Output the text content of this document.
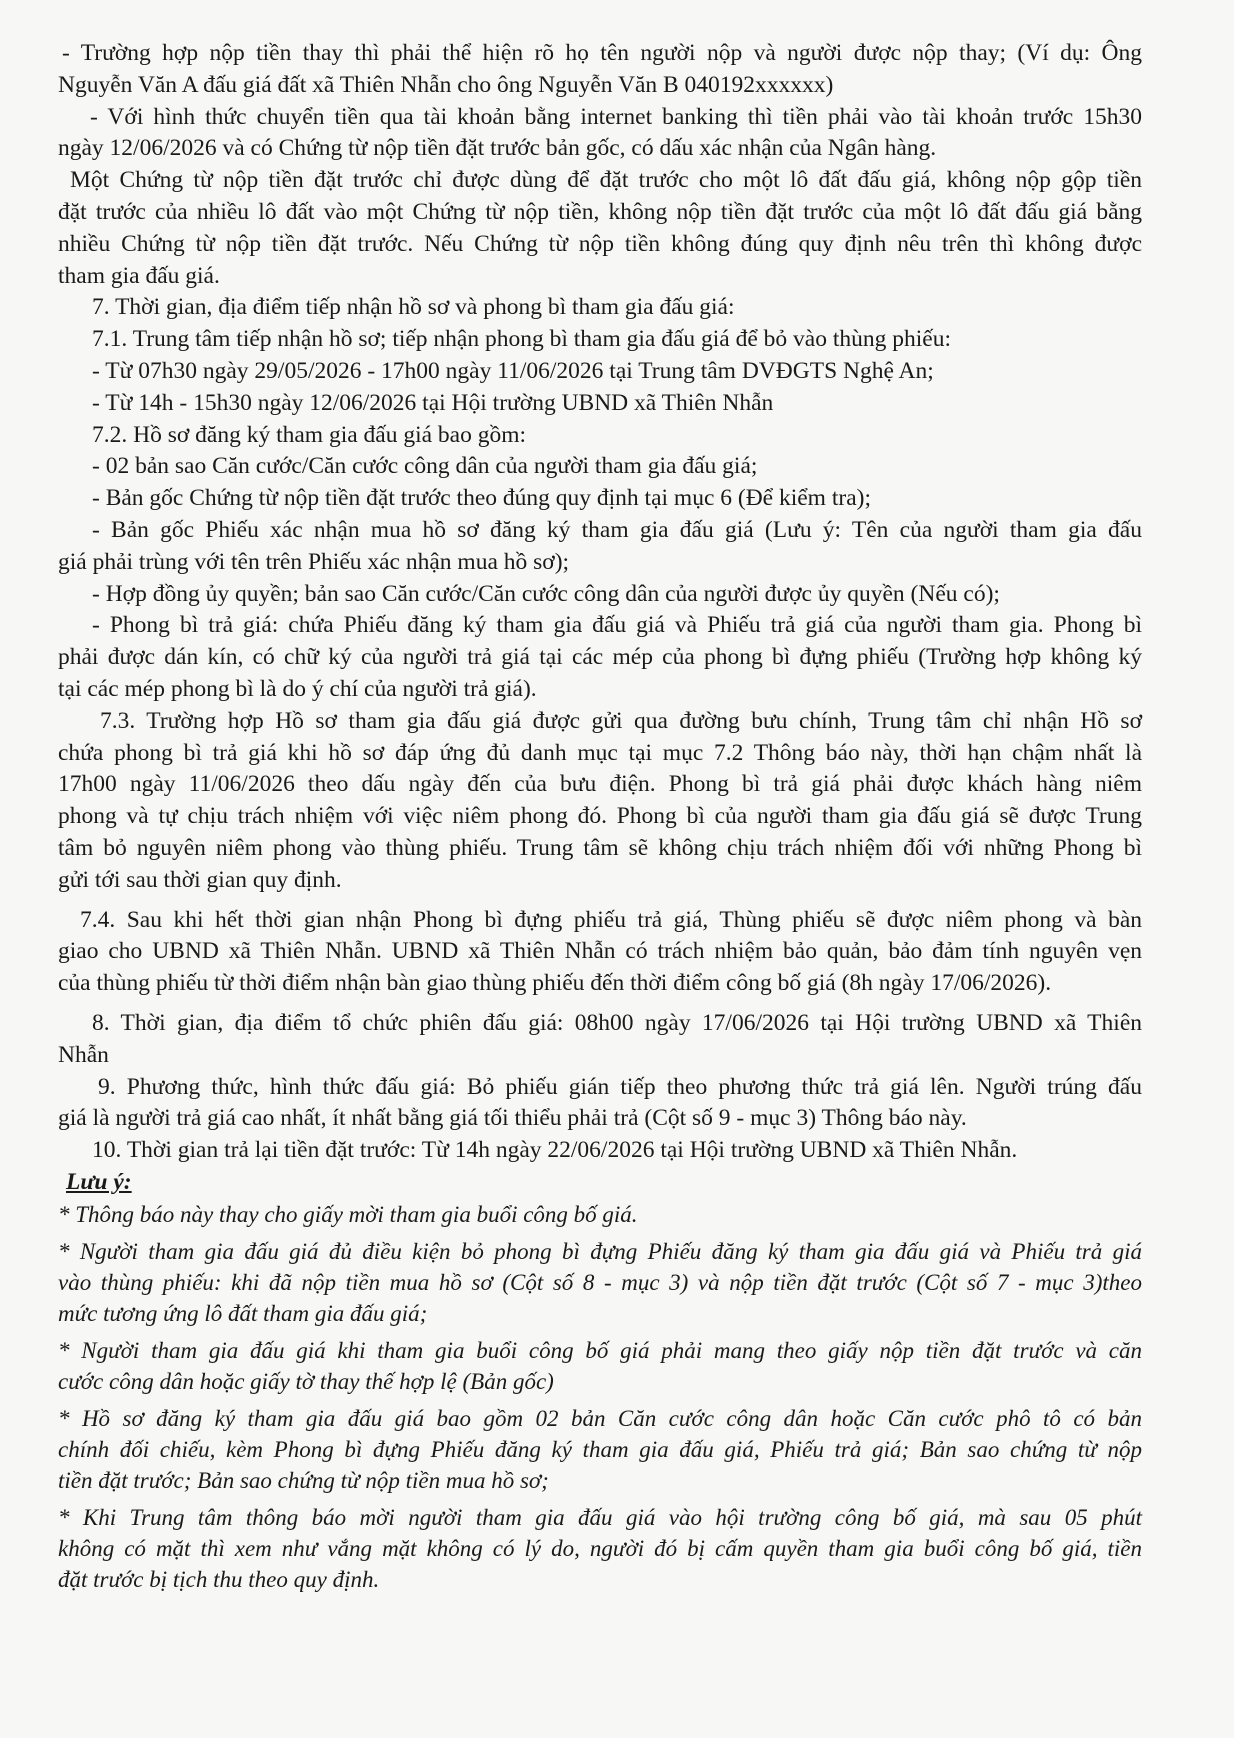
- Trường hợp nộp tiền thay thì phải thể hiện rõ họ tên người nộp và người được nộp thay; (Ví dụ: Ông
Nguyễn Văn A đấu giá đất xã Thiên Nhẫn cho ông Nguyễn Văn B 040192xxxxxx)
- Với hình thức chuyển tiền qua tài khoản bằng internet banking thì tiền phải vào tài khoản trước 15h30
ngày 12/06/2026 và có Chứng từ nộp tiền đặt trước bản gốc, có dấu xác nhận của Ngân hàng.
Một Chứng từ nộp tiền đặt trước chỉ được dùng để đặt trước cho một lô đất đấu giá, không nộp gộp tiền
đặt trước của nhiều lô đất vào một Chứng từ nộp tiền, không nộp tiền đặt trước của một lô đất đấu giá bằng
nhiều Chứng từ nộp tiền đặt trước. Nếu Chứng từ nộp tiền không đúng quy định nêu trên thì không được
tham gia đấu giá.
7. Thời gian, địa điểm tiếp nhận hồ sơ và phong bì tham gia đấu giá:
7.1. Trung tâm tiếp nhận hồ sơ; tiếp nhận phong bì tham gia đấu giá để bỏ vào thùng phiếu:
- Từ 07h30 ngày 29/05/2026 - 17h00 ngày 11/06/2026 tại Trung tâm DVĐGTS Nghệ An;
- Từ 14h - 15h30 ngày 12/06/2026 tại Hội trường UBND xã Thiên Nhẫn
7.2. Hồ sơ đăng ký tham gia đấu giá bao gồm:
- 02 bản sao Căn cước/Căn cước công dân của người tham gia đấu giá;
- Bản gốc Chứng từ nộp tiền đặt trước theo đúng quy định tại mục 6 (Để kiểm tra);
- Bản gốc Phiếu xác nhận mua hồ sơ đăng ký tham gia đấu giá (Lưu ý: Tên của người tham gia đấu
giá phải trùng với tên trên Phiếu xác nhận mua hồ sơ);
- Hợp đồng ủy quyền; bản sao Căn cước/Căn cước công dân của người được ủy quyền (Nếu có);
- Phong bì trả giá: chứa Phiếu đăng ký tham gia đấu giá và Phiếu trả giá của người tham gia. Phong bì
phải được dán kín, có chữ ký của người trả giá tại các mép của phong bì đựng phiếu (Trường hợp không ký
tại các mép phong bì là do ý chí của người trả giá).
7.3. Trường hợp Hồ sơ tham gia đấu giá được gửi qua đường bưu chính, Trung tâm chỉ nhận Hồ sơ
chứa phong bì trả giá khi hồ sơ đáp ứng đủ danh mục tại mục 7.2 Thông báo này, thời hạn chậm nhất là
17h00 ngày 11/06/2026 theo dấu ngày đến của bưu điện. Phong bì trả giá phải được khách hàng niêm
phong và tự chịu trách nhiệm với việc niêm phong đó. Phong bì của người tham gia đấu giá sẽ được Trung
tâm bỏ nguyên niêm phong vào thùng phiếu. Trung tâm sẽ không chịu trách nhiệm đối với những Phong bì
gửi tới sau thời gian quy định.
7.4. Sau khi hết thời gian nhận Phong bì đựng phiếu trả giá, Thùng phiếu sẽ được niêm phong và bàn
giao cho UBND xã Thiên Nhẫn. UBND xã Thiên Nhẫn có trách nhiệm bảo quản, bảo đảm tính nguyên vẹn
của thùng phiếu từ thời điểm nhận bàn giao thùng phiếu đến thời điểm công bố giá (8h ngày 17/06/2026).
8. Thời gian, địa điểm tổ chức phiên đấu giá: 08h00 ngày 17/06/2026 tại Hội trường UBND xã Thiên
Nhẫn
9. Phương thức, hình thức đấu giá: Bỏ phiếu gián tiếp theo phương thức trả giá lên. Người trúng đấu
giá là người trả giá cao nhất, ít nhất bằng giá tối thiểu phải trả (Cột số 9 - mục 3) Thông báo này.
10. Thời gian trả lại tiền đặt trước: Từ 14h ngày 22/06/2026 tại Hội trường UBND xã Thiên Nhẫn.
Lưu ý:
* Thông báo này thay cho giấy mời tham gia buổi công bố giá.
* Người tham gia đấu giá đủ điều kiện bỏ phong bì đựng Phiếu đăng ký tham gia đấu giá và Phiếu trả giá
vào thùng phiếu: khi đã nộp tiền mua hồ sơ (Cột số 8 - mục 3) và nộp tiền đặt trước (Cột số 7 - mục 3)theo
mức tương ứng lô đất tham gia đấu giá;
* Người tham gia đấu giá khi tham gia buổi công bố giá phải mang theo giấy nộp tiền đặt trước và căn
cước công dân hoặc giấy tờ thay thế hợp lệ (Bản gốc)
* Hồ sơ đăng ký tham gia đấu giá bao gồm 02 bản Căn cước công dân hoặc Căn cước phô tô có bản
chính đối chiếu, kèm Phong bì đựng Phiếu đăng ký tham gia đấu giá, Phiếu trả giá; Bản sao chứng từ nộp
tiền đặt trước; Bản sao chứng từ nộp tiền mua hồ sơ;
* Khi Trung tâm thông báo mời người tham gia đấu giá vào hội trường công bố giá, mà sau 05 phút
không có mặt thì xem như vắng mặt không có lý do, người đó bị cấm quyền tham gia buổi công bố giá, tiền
đặt trước bị tịch thu theo quy định.
